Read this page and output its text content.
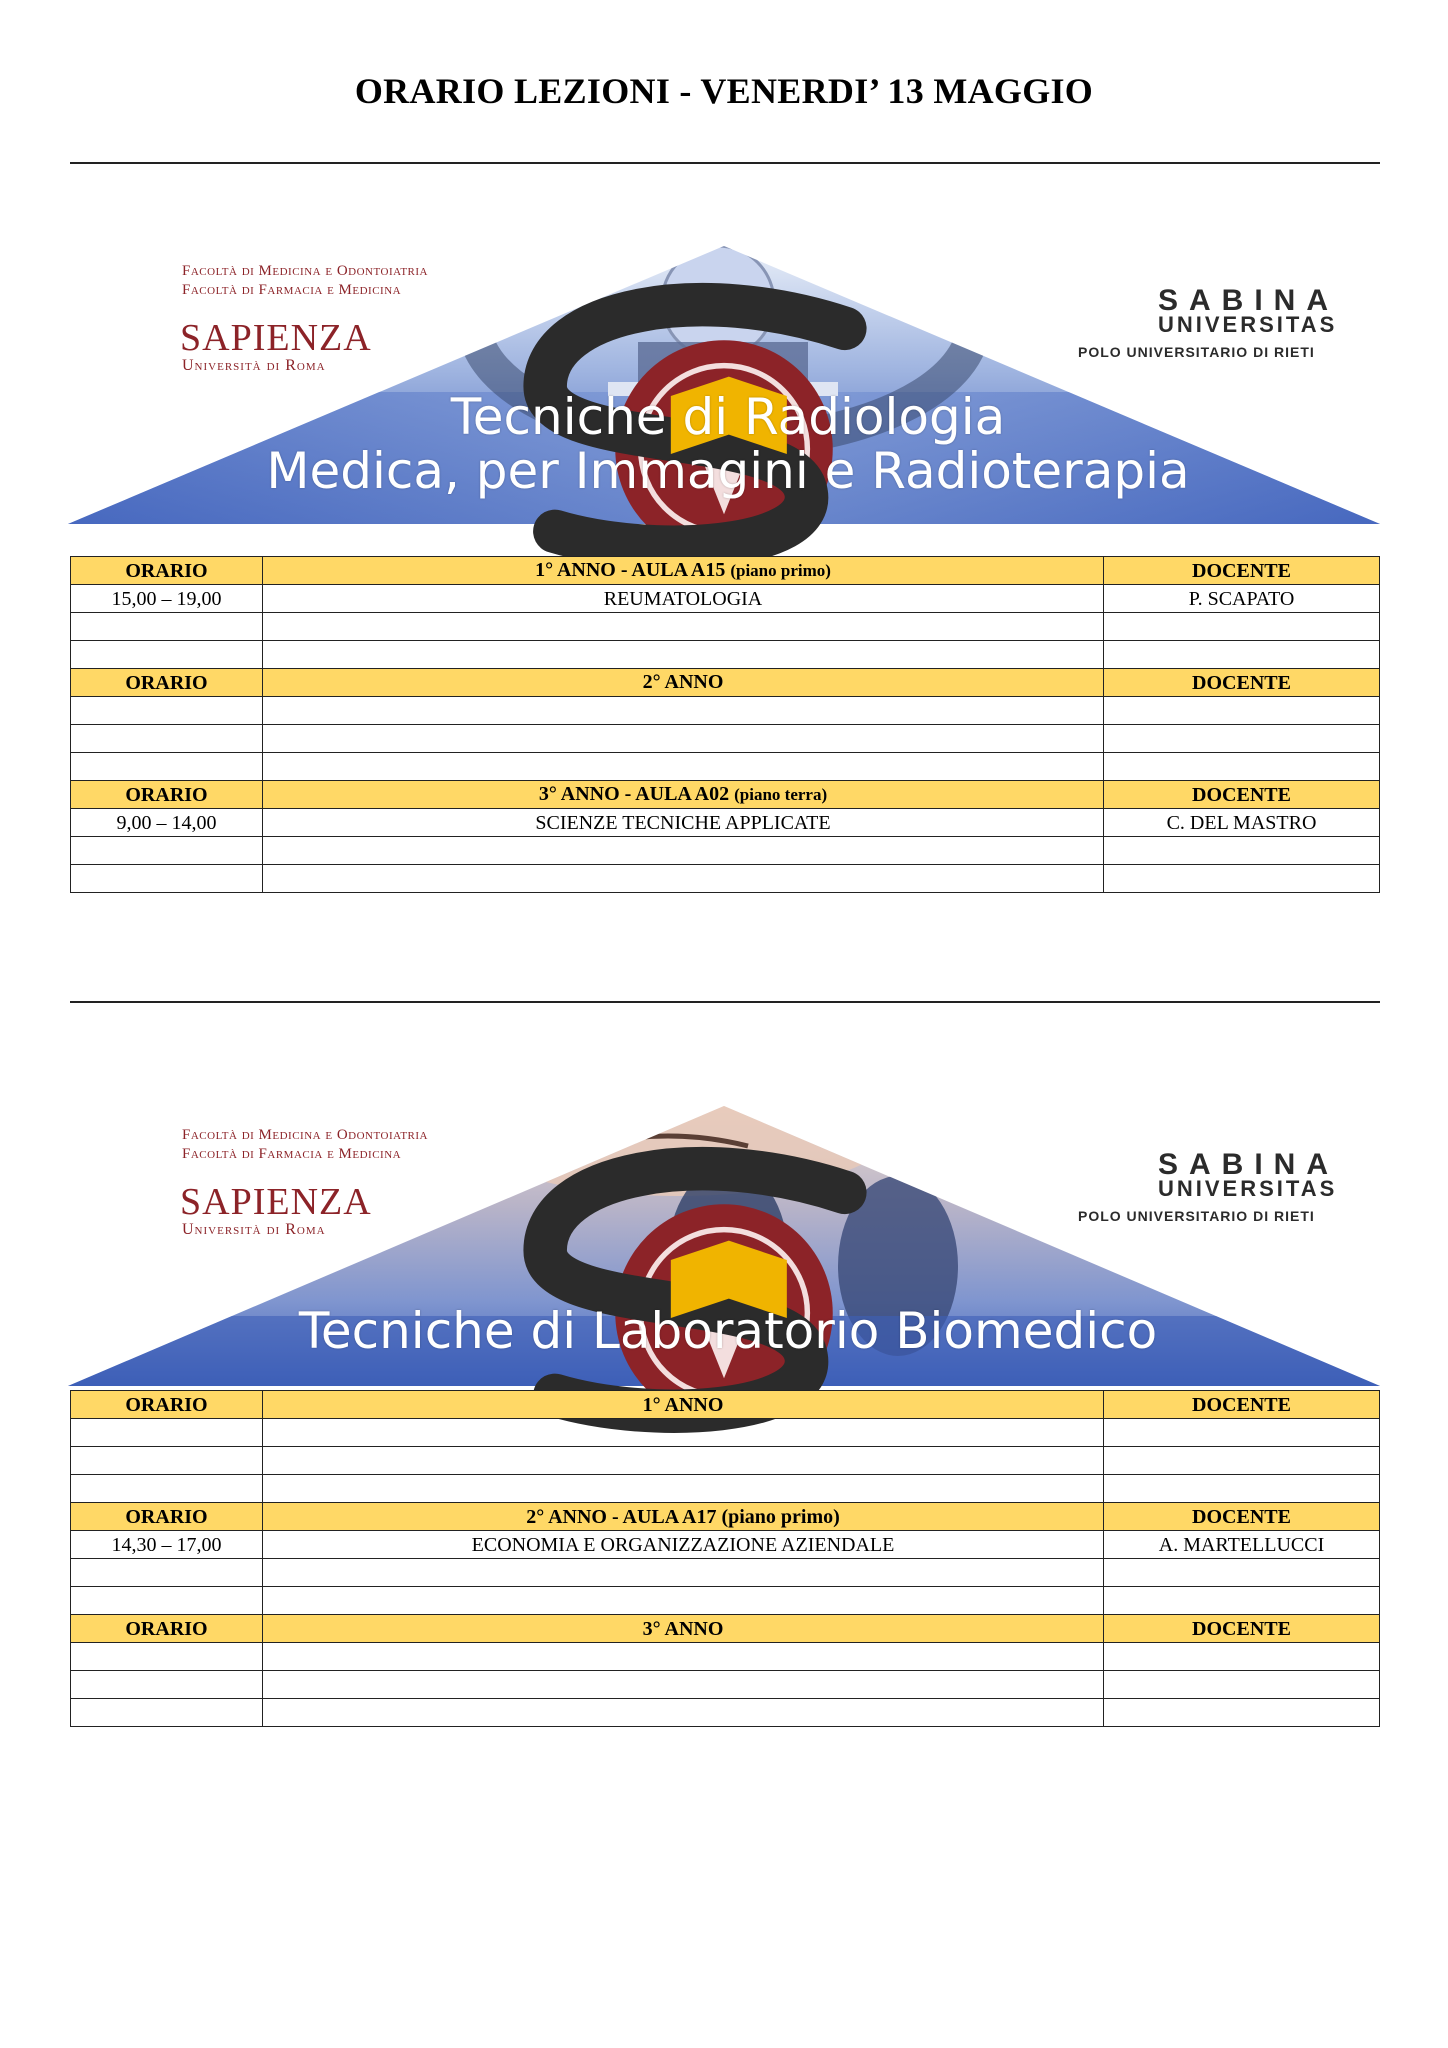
ORARIO LEZIONI - VENERDI’ 13 MAGGIO
Facoltà di Medicina e Odontoiatria
Facoltà di Farmacia e Medicina
SAPIENZA
Università di Roma
SABINA
UNIVERSITAS
POLO UNIVERSITARIO DI RIETI
Tecniche di Radiologia
Medica, per Immagini e Radioterapia
ORARIO	1° ANNO - AULA A15 (piano primo)	DOCENTE
15,00 – 19,00	REUMATOLOGIA	P. SCAPATO

ORARIO	2° ANNO	DOCENTE

ORARIO	3° ANNO - AULA A02 (piano terra)	DOCENTE
9,00 – 14,00	SCIENZE TECNICHE APPLICATE	C. DEL MASTRO

Facoltà di Medicina e Odontoiatria
Facoltà di Farmacia e Medicina
SAPIENZA
Università di Roma
SABINA
UNIVERSITAS
POLO UNIVERSITARIO DI RIETI
Tecniche di Laboratorio Biomedico
ORARIO	1° ANNO	DOCENTE

ORARIO	2° ANNO - AULA A17 (piano primo)	DOCENTE
14,30 – 17,00	ECONOMIA E ORGANIZZAZIONE AZIENDALE	A. MARTELLUCCI

ORARIO	3° ANNO	DOCENTE
